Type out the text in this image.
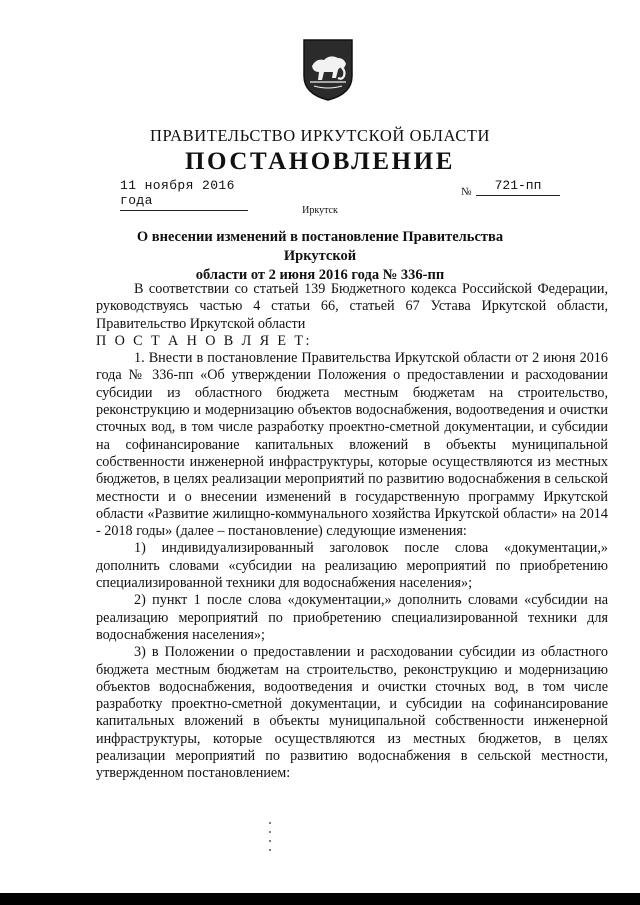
ПРАВИТЕЛЬСТВО ИРКУТСКОЙ ОБЛАСТИ
ПОСТАНОВЛЕНИЕ
11 ноября 2016 года
№	721-пп
Иркутск
О внесении изменений в постановление Правительства Иркутской
области от 2 июня 2016 года № 336-пп

В соответствии со статьей 139 Бюджетного кодекса Российской Федерации, руководствуясь частью 4 статьи 66, статьей 67 Устава Иркутской области, Правительство Иркутской области

П О С Т А Н О В Л Я Е Т:

1. Внести в постановление Правительства Иркутской области от 2 июня 2016 года № 336-пп «Об утверждении Положения о предоставлении и расходовании субсидии из областного бюджета местным бюджетам на строительство, реконструкцию и модернизацию объектов водоснабжения, водоотведения и очистки сточных вод, в том числе разработку проектно-сметной документации, и субсидии на софинансирование капитальных вложений в объекты муниципальной собственности инженерной инфраструктуры, которые осуществляются из местных бюджетов, в целях реализации мероприятий по развитию водоснабжения в сельской местности и о внесении изменений в государственную программу Иркутской области «Развитие жилищно-коммунального хозяйства Иркутской области» на 2014 - 2018 годы» (далее – постановление) следующие изменения:

1) индивидуализированный заголовок после слова «документации,» дополнить словами «субсидии на реализацию мероприятий по приобретению специализированной техники для водоснабжения населения»;

2) пункт 1 после слова «документации,» дополнить словами «субсидии на реализацию мероприятий по приобретению специализированной техники для водоснабжения населения»;

3) в Положении о предоставлении и расходовании субсидии из областного бюджета местным бюджетам на строительство, реконструкцию и модернизацию объектов водоснабжения, водоотведения и очистки сточных вод, в том числе разработку проектно-сметной документации, и субсидии на софинансирование капитальных вложений в объекты муниципальной собственности инженерной инфраструктуры, которые осуществляются из местных бюджетов, в целях реализации мероприятий по развитию водоснабжения в сельской местности, утвержденном постановлением:
